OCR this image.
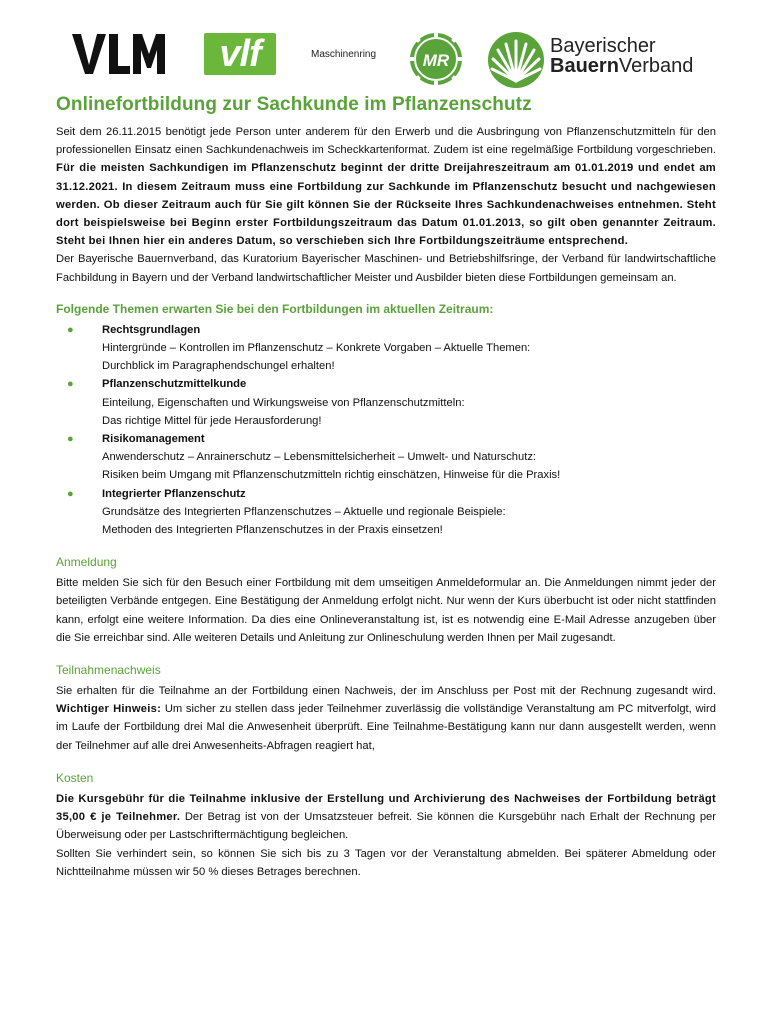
vlf	Maschinenring	MR
Bayerischer
BauernVerband
Onlinefortbildung zur Sachkunde im Pflanzenschutz

Seit dem 26.11.2015 benötigt jede Person unter anderem für den Erwerb und die Ausbringung von Pflanzenschutzmitteln für den professionellen Einsatz einen Sachkundenachweis im Scheckkartenformat. Zudem ist eine regelmäßige Fortbildung vorgeschrieben. Für die meisten Sachkundigen im Pflanzenschutz beginnt der dritte Dreijahreszeitraum am 01.01.2019 und endet am 31.12.2021. In diesem Zeitraum muss eine Fortbildung zur Sachkunde im Pflanzenschutz besucht und nachgewiesen werden. Ob dieser Zeitraum auch für Sie gilt können Sie der Rückseite Ihres Sachkundenachweises entnehmen. Steht dort beispielsweise bei Beginn erster Fortbildungszeitraum das Datum 01.01.2013, so gilt oben genannter Zeitraum. Steht bei Ihnen hier ein anderes Datum, so verschieben sich Ihre Fortbildungszeiträume entsprechend.

Der Bayerische Bauernverband, das Kuratorium Bayerischer Maschinen- und Betriebshilfsringe, der Verband für landwirtschaftliche Fachbildung in Bayern und der Verband landwirtschaftlicher Meister und Ausbilder bieten diese Fortbildungen gemeinsam an.

Folgende Themen erwarten Sie bei den Fortbildungen im aktuellen Zeitraum:
●	Rechtsgrundlagen
Hintergründe – Kontrollen im Pflanzenschutz – Konkrete Vorgaben – Aktuelle Themen:
Durchblick im Paragraphendschungel erhalten!
●	Pflanzenschutzmittelkunde
Einteilung, Eigenschaften und Wirkungsweise von Pflanzenschutzmitteln:
Das richtige Mittel für jede Herausforderung!
●	Risikomanagement
Anwenderschutz – Anrainerschutz – Lebensmittelsicherheit – Umwelt- und Naturschutz:
Risiken beim Umgang mit Pflanzenschutzmitteln richtig einschätzen, Hinweise für die Praxis!
●	Integrierter Pflanzenschutz
Grundsätze des Integrierten Pflanzenschutzes – Aktuelle und regionale Beispiele:
Methoden des Integrierten Pflanzenschutzes in der Praxis einsetzen!
Anmeldung

Bitte melden Sie sich für den Besuch einer Fortbildung mit dem umseitigen Anmeldeformular an. Die Anmeldungen nimmt jeder der beteiligten Verbände entgegen. Eine Bestätigung der Anmeldung erfolgt nicht. Nur wenn der Kurs überbucht ist oder nicht stattfinden kann, erfolgt eine weitere Information. Da dies eine Onlineveranstaltung ist, ist es notwendig eine E-Mail Adresse anzugeben über die Sie erreichbar sind. Alle weiteren Details und Anleitung zur Onlineschulung werden Ihnen per Mail zugesandt.

Teilnahmenachweis

Sie erhalten für die Teilnahme an der Fortbildung einen Nachweis, der im Anschluss per Post mit der Rechnung zugesandt wird. Wichtiger Hinweis: Um sicher zu stellen dass jeder Teilnehmer zuverlässig die vollständige Veranstaltung am PC mitverfolgt, wird im Laufe der Fortbildung drei Mal die Anwesenheit überprüft. Eine Teilnahme-Bestätigung kann nur dann ausgestellt werden, wenn der Teilnehmer auf alle drei Anwesenheits-Abfragen reagiert hat,

Kosten

Die Kursgebühr für die Teilnahme inklusive der Erstellung und Archivierung des Nachweises der Fortbildung beträgt 35,00 € je Teilnehmer. Der Betrag ist von der Umsatzsteuer befreit. Sie können die Kursgebühr nach Erhalt der Rechnung per Überweisung oder per Lastschriftermächtigung begleichen.

Sollten Sie verhindert sein, so können Sie sich bis zu 3 Tagen vor der Veranstaltung abmelden. Bei späterer Abmeldung oder Nichtteilnahme müssen wir 50 % dieses Betrages berechnen.
